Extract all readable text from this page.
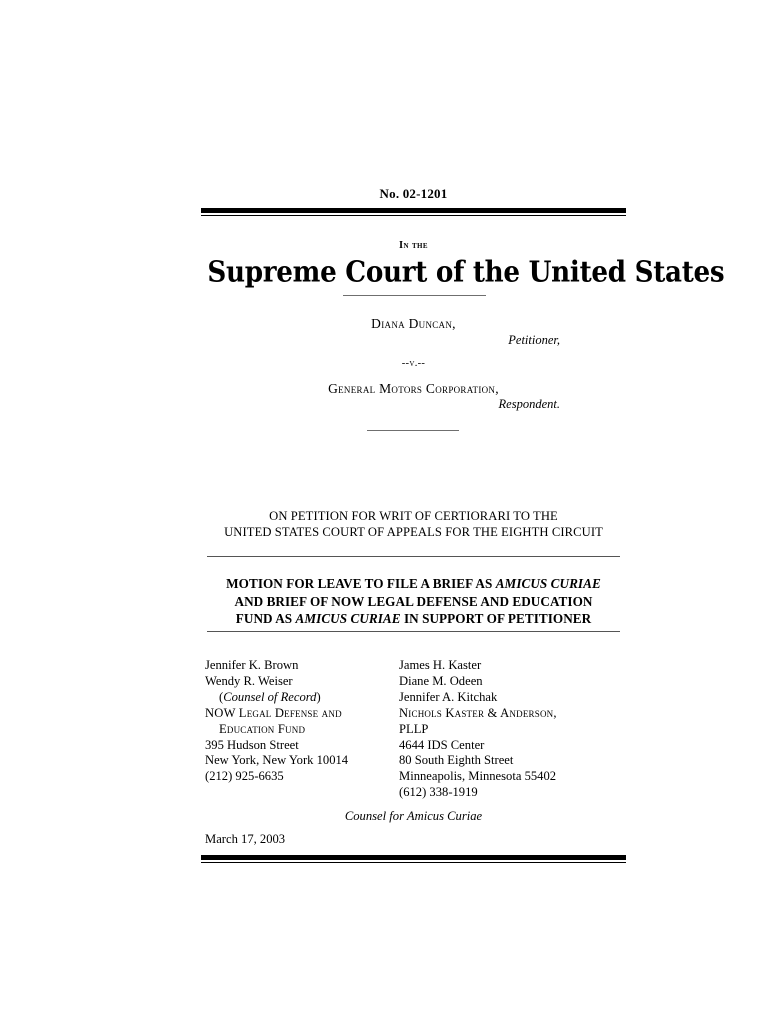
No. 02-1201
In the
Supreme Court of the United States
Diana Duncan,
Petitioner,
--v.--
General Motors Corporation,
Respondent.
ON PETITION FOR WRIT OF CERTIORARI TO THE
UNITED STATES COURT OF APPEALS FOR THE EIGHTH CIRCUIT
MOTION FOR LEAVE TO FILE A BRIEF AS AMICUS CURIAE
AND BRIEF OF NOW LEGAL DEFENSE AND EDUCATION
FUND AS AMICUS CURIAE IN SUPPORT OF PETITIONER
Jennifer K. Brown
Wendy R. Weiser
(Counsel of Record)
NOW Legal Defense and
Education Fund
395 Hudson Street
New York, New York 10014
(212) 925-6635
James H. Kaster
Diane M. Odeen
Jennifer A. Kitchak
Nichols Kaster & Anderson,
PLLP
4644 IDS Center
80 South Eighth Street
Minneapolis, Minnesota 55402
(612) 338-1919
Counsel for Amicus Curiae
March 17, 2003
